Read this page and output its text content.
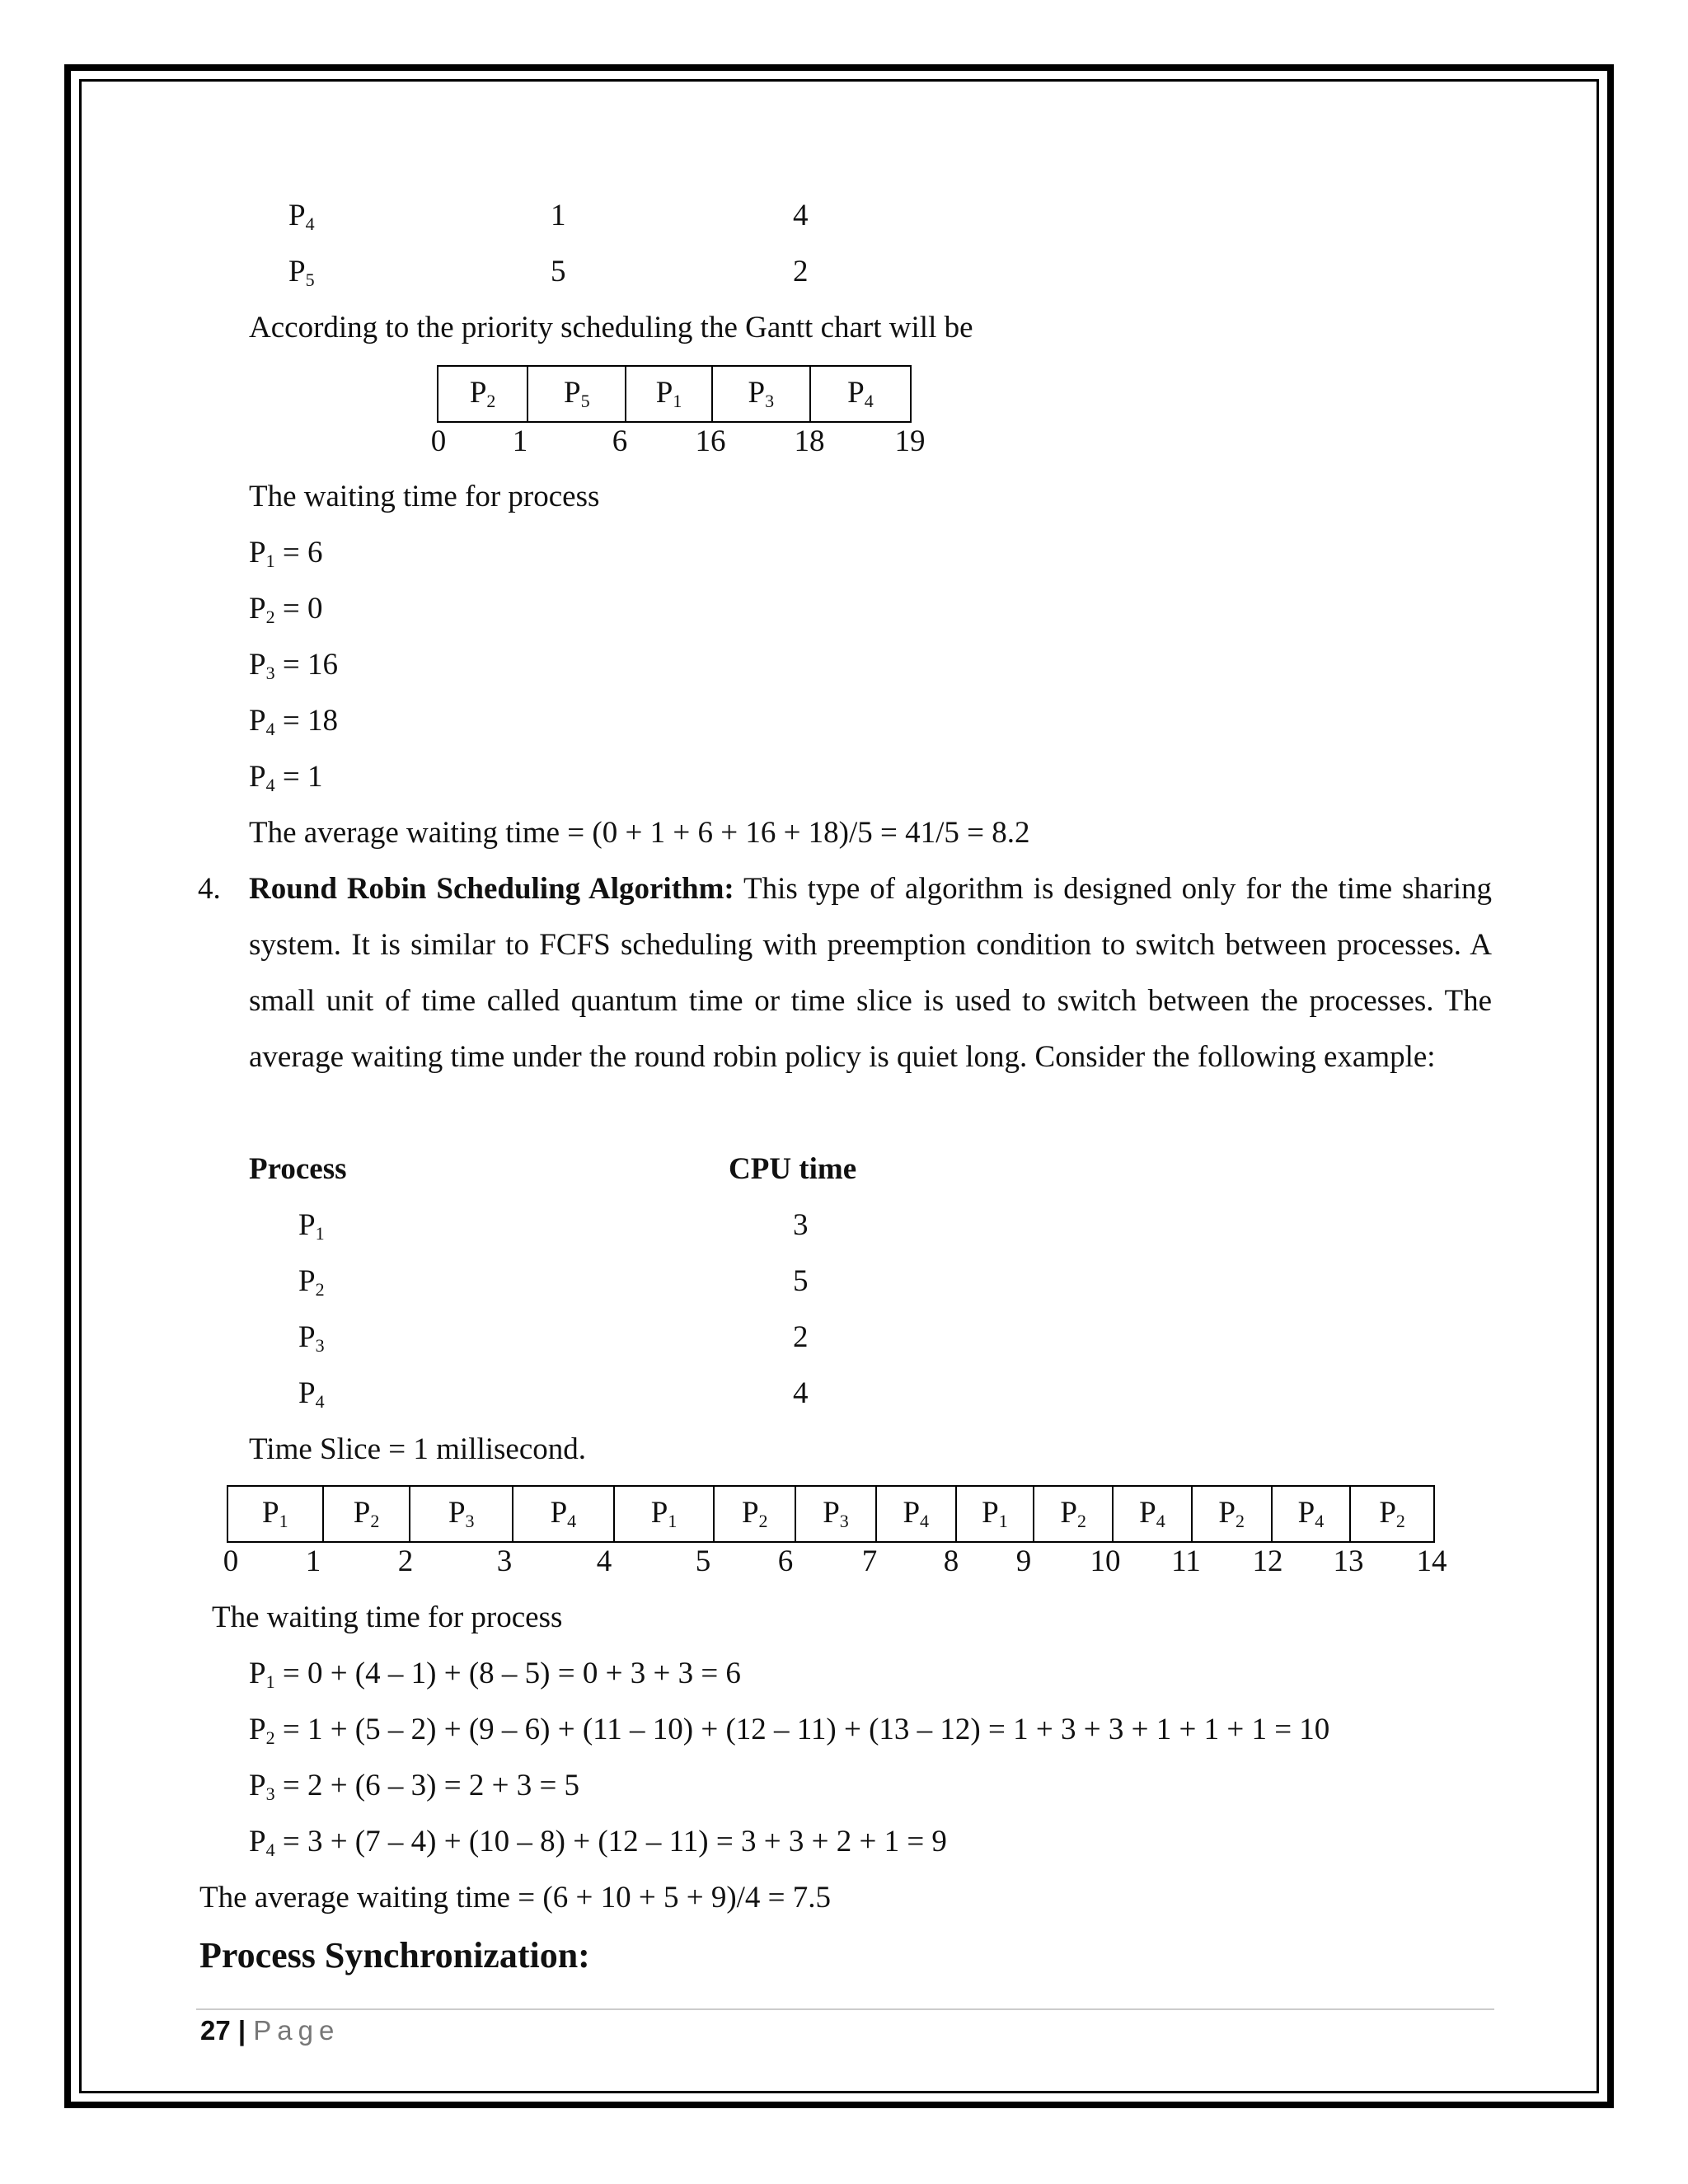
$P_4$	1	4
$P_5$	5	2
According to the priority scheduling the Gantt chart will be
$P_2$	$P_5$	$P_1$	$P_3$	$P_4$
0 1	6 16 18 19
The waiting time for process
$P_1 = 6$
$P_2 = 0$
$P_3 = 16$
$P_4 = 18$
$P_4 = 1$
The average waiting time = (0 + 1 + 6 + 16 + 18)/5 = 41/5 = 8.2
4. Round Robin Scheduling Algorithm: This type of algorithm is designed only for the time sharing system. It is similar to FCFS scheduling with preemption condition to switch between processes. A small unit of time called quantum time or time slice is used to switch between the processes. The average waiting time under the round robin policy is quiet long. Consider the following example:
Process	CPU time
$P_1$	3
$P_2$	5
$P_3$	2
$P_4$	4
Time Slice = 1 millisecond.
$P_1$	$P_2$	$P_3$	$P_4$	$P_1$	$P_2$	$P_3$	$P_4$	$P_1$	$P_2$	$P_4$	$P_2$	$P_4$	$P_2$
0 1	2	3	4	5 6 7 8 9 10 11 12 13 14
The waiting time for process
$P_1 = 0 + (4 - 1) + (8 - 5) = 0 + 3 + 3 = 6$
$P_2 = 1 + (5 - 2) + (9 - 6) + (11 - 10) + (12 - 11) + (13 - 12) = 1 + 3 + 3 + 1 + 1 + 1 = 10$
$P_3 = 2 + (6 - 3) = 2 + 3 = 5$
$P_4 = 3 + (7 - 4) + (10 - 8) + (12 - 11) = 3 + 3 + 2 + 1 = 9$
The average waiting time = (6 + 10 + 5 + 9)/4 = 7.5
Process Synchronization:
27 | Page
